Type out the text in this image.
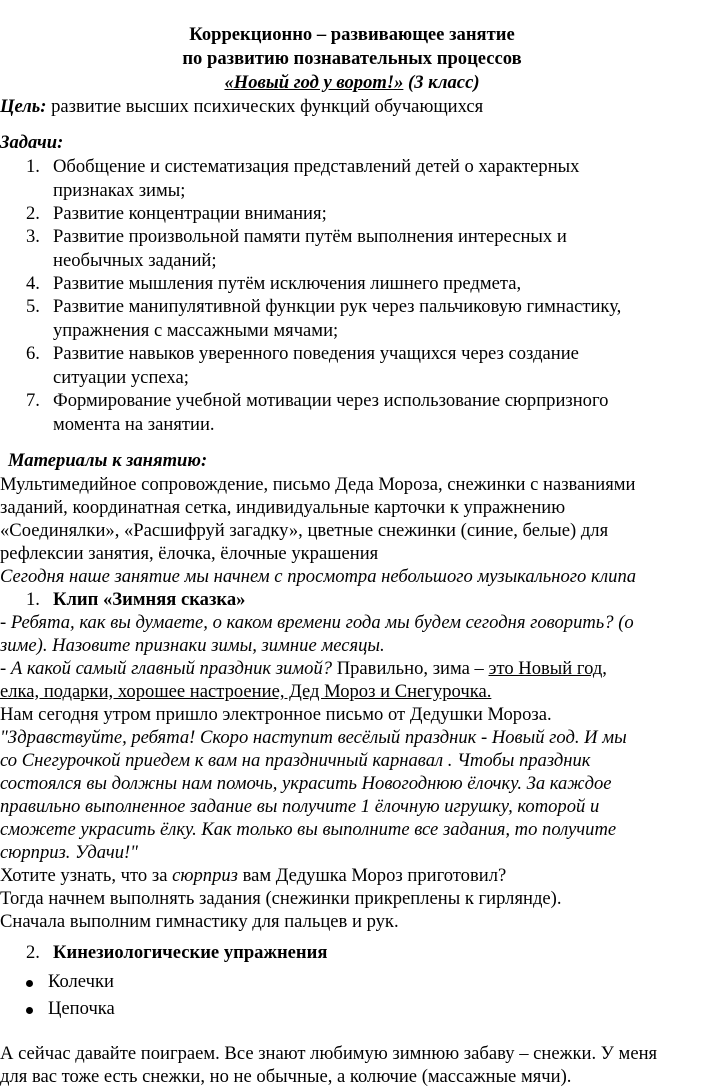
Коррекционно – развивающее занятие
по развитию познавательных процессов
«Новый год у ворот!» (3 класс)
Цель: развитие высших психических функций обучающихся
Задачи:
1. Обобщение и систематизация представлений детей о характерных
признаках зимы;
2. Развитие концентрации внимания;
3. Развитие произвольной памяти путём выполнения интересных и
необычных заданий;
4. Развитие мышления путём исключения лишнего предмета,
5. Развитие манипулятивной функции рук через пальчиковую гимнастику,
упражнения с массажными мячами;
6. Развитие навыков уверенного поведения учащихся через создание
ситуации успеха;
7. Формирование учебной мотивации через использование сюрпризного
момента на занятии.
Материалы к занятию:
Мультимедийное сопровождение, письмо Деда Мороза, снежинки с названиями
заданий, координатная сетка, индивидуальные карточки к упражнению
«Соединялки», «Расшифруй загадку», цветные снежинки (синие, белые) для
рефлексии занятия, ёлочка, ёлочные украшения
Сегодня наше занятие мы начнем с просмотра небольшого музыкального клипа
1. Клип «Зимняя сказка»
- Ребята, как вы думаете, о каком времени года мы будем сегодня говорить? (о
зиме). Назовите признаки зимы, зимние месяцы.
- А какой самый главный праздник зимой? Правильно, зима – это Новый год,
елка, подарки, хорошее настроение, Дед Мороз и Снегурочка.
Нам сегодня утром пришло электронное письмо от Дедушки Мороза.
"Здравствуйте, ребята! Скоро наступит весёлый праздник - Новый год. И мы
со Снегурочкой приедем к вам на праздничный карнавал . Чтобы праздник
состоялся вы должны нам помочь, украсить Новогоднюю ёлочку. За каждое
правильно выполненное задание вы получите 1 ёлочную игрушку, которой и
сможете украсить ёлку. Как только вы выполните все задания, то получите
сюрприз. Удачи!"
Хотите узнать, что за сюрприз вам Дедушка Мороз приготовил?
Тогда начнем выполнять задания (снежинки прикреплены к гирлянде).
Сначала выполним гимнастику для пальцев и рук.
2. Кинезиологические упражнения
Колечки
Цепочка
А сейчас давайте поиграем. Все знают любимую зимнюю забаву – снежки. У меня
для вас тоже есть снежки, но не обычные, а колючие (массажные мячи).
